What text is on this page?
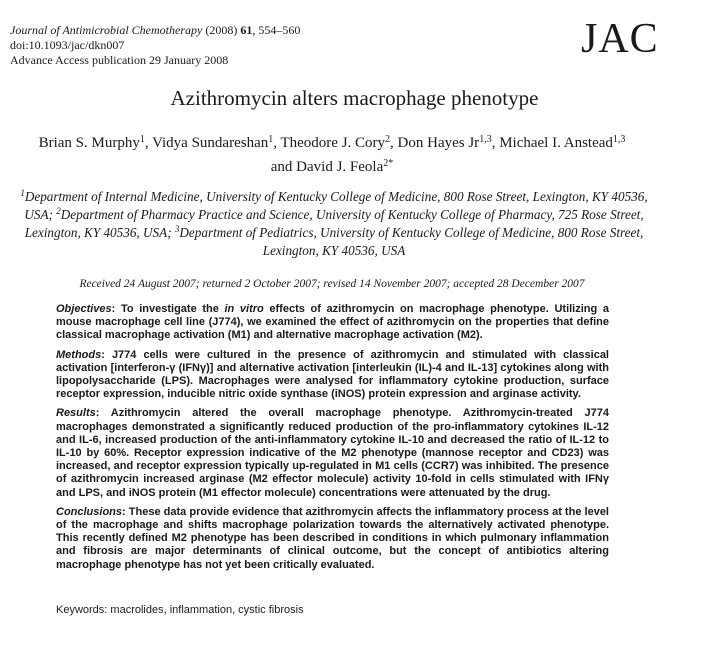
Journal of Antimicrobial Chemotherapy (2008) 61, 554–560
doi:10.1093/jac/dkn007
Advance Access publication 29 January 2008	JAC
Azithromycin alters macrophage phenotype
Brian S. Murphy$^1$, Vidya Sundareshan$^1$, Theodore J. Cory$^2$, Don Hayes Jr$^{1,3}$, Michael I. Anstead$^{1,3}$
and David J. Feola$^{2*}$
$^1$Department of Internal Medicine, University of Kentucky College of Medicine, 800 Rose Street, Lexington, KY 40536, USA; $^2$Department of Pharmacy Practice and Science, University of Kentucky College of Pharmacy, 725 Rose Street, Lexington, KY 40536, USA; $^3$Department of Pediatrics, University of Kentucky College of Medicine, 800 Rose Street, Lexington, KY 40536, USA
Received 24 August 2007; returned 2 October 2007; revised 14 November 2007; accepted 28 December 2007

Objectives: To investigate the in vitro effects of azithromycin on macrophage phenotype. Utilizing a mouse macrophage cell line (J774), we examined the effect of azithromycin on the properties that define classical macrophage activation (M1) and alternative macrophage activation (M2).

Methods: J774 cells were cultured in the presence of azithromycin and stimulated with classical activation [interferon-γ (IFNγ)] and alternative activation [interleukin (IL)-4 and IL-13] cytokines along with lipopolysaccharide (LPS). Macrophages were analysed for inflammatory cytokine production, surface receptor expression, inducible nitric oxide synthase (iNOS) protein expression and arginase activity.

Results: Azithromycin altered the overall macrophage phenotype. Azithromycin-treated J774 macrophages demonstrated a significantly reduced production of the pro-inflammatory cytokines IL-12 and IL-6, increased production of the anti-inflammatory cytokine IL-10 and decreased the ratio of IL-12 to IL-10 by 60%. Receptor expression indicative of the M2 phenotype (mannose receptor and CD23) was increased, and receptor expression typically up-regulated in M1 cells (CCR7) was inhibited. The presence of azithromycin increased arginase (M2 effector molecule) activity 10-fold in cells stimulated with IFNγ and LPS, and iNOS protein (M1 effector molecule) concentrations were attenuated by the drug.

Conclusions: These data provide evidence that azithromycin affects the inflammatory process at the level of the macrophage and shifts macrophage polarization towards the alternatively activated phenotype. This recently defined M2 phenotype has been described in conditions in which pulmonary inflammation and fibrosis are major determinants of clinical outcome, but the concept of antibiotics altering macrophage phenotype has not yet been critically evaluated.

Keywords: macrolides, inflammation, cystic fibrosis
